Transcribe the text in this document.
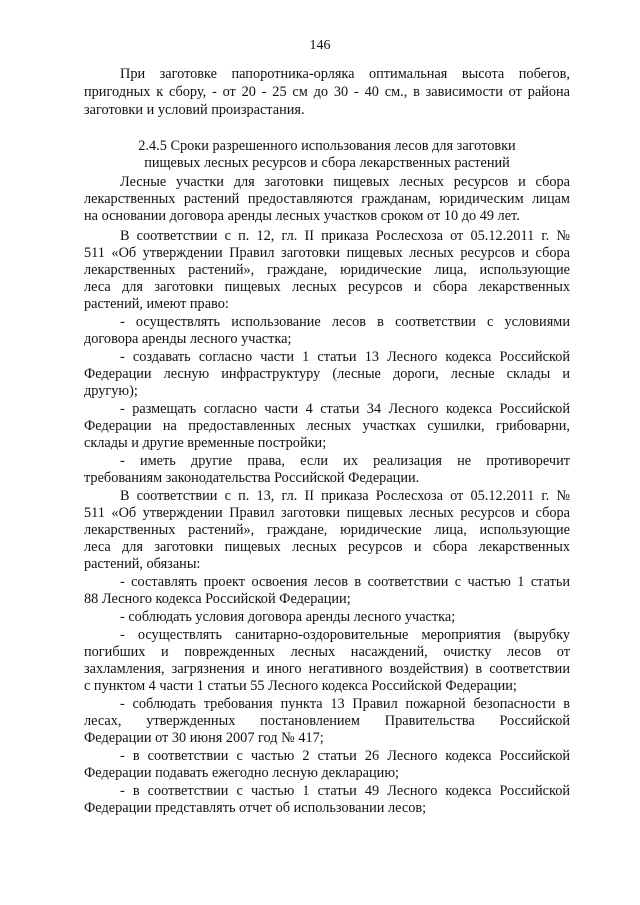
146
При заготовке папоротника-орляка оптимальная высота побегов,
пригодных к сбору, - от 20 - 25 см до 30 - 40 см., в зависимости от района
заготовки и условий произрастания.
2.4.5 Сроки разрешенного использования лесов для заготовки
пищевых лесных ресурсов и сбора лекарственных растений
Лесные участки для заготовки пищевых лесных ресурсов и сбора
лекарственных растений предоставляются гражданам, юридическим лицам
на основании договора аренды лесных участков сроком от 10 до 49 лет.
В соответствии с п. 12, гл. II приказа Рослесхоза от 05.12.2011 г. №
511 «Об утверждении Правил заготовки пищевых лесных ресурсов и сбора
лекарственных растений», граждане, юридические лица, использующие
леса для заготовки пищевых лесных ресурсов и сбора лекарственных
растений, имеют право:
- осуществлять использование лесов в соответствии с условиями
договора аренды лесного участка;
- создавать согласно части 1 статьи 13 Лесного кодекса Российской
Федерации лесную инфраструктуру (лесные дороги, лесные склады и
другую);
- размещать согласно части 4 статьи 34 Лесного кодекса Российской
Федерации на предоставленных лесных участках сушилки, грибоварни,
склады и другие временные постройки;
- иметь другие права, если их реализация не противоречит
требованиям законодательства Российской Федерации.
В соответствии с п. 13, гл. II приказа Рослесхоза от 05.12.2011 г. №
511 «Об утверждении Правил заготовки пищевых лесных ресурсов и сбора
лекарственных растений», граждане, юридические лица, использующие
леса для заготовки пищевых лесных ресурсов и сбора лекарственных
растений, обязаны:
- составлять проект освоения лесов в соответствии с частью 1 статьи
88 Лесного кодекса Российской Федерации;
- соблюдать условия договора аренды лесного участка;
- осуществлять санитарно-оздоровительные мероприятия (вырубку
погибших и поврежденных лесных насаждений, очистку лесов от
захламления, загрязнения и иного негативного воздействия) в соответствии
с пунктом 4 части 1 статьи 55 Лесного кодекса Российской Федерации;
- соблюдать требования пункта 13 Правил пожарной безопасности в
лесах, утвержденных постановлением Правительства Российской
Федерации от 30 июня 2007 год № 417;
- в соответствии с частью 2 статьи 26 Лесного кодекса Российской
Федерации подавать ежегодно лесную декларацию;
- в соответствии с частью 1 статьи 49 Лесного кодекса Российской
Федерации представлять отчет об использовании лесов;
